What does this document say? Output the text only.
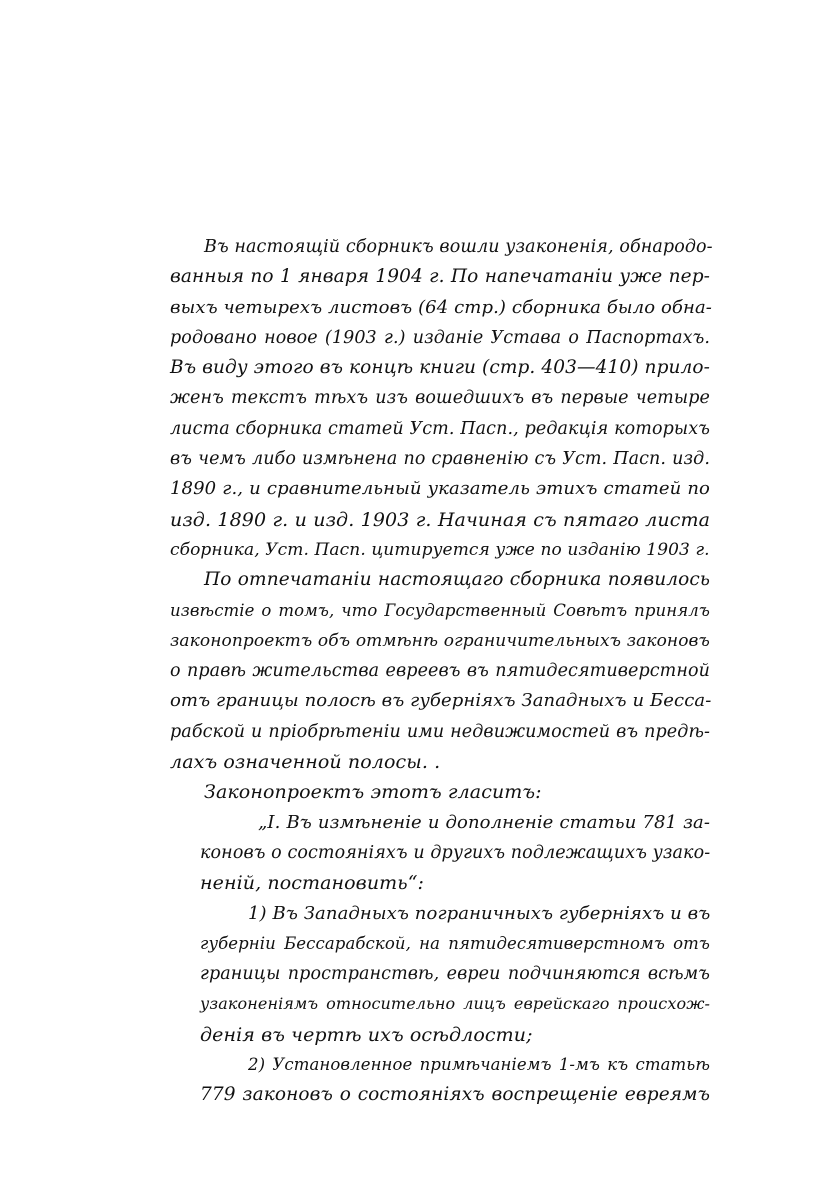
Въ настоящій сборникъ вошли узаконенія, обнародо-
ванныя по 1 января 1904 г. По напечатаніи уже пер-
выхъ четырехъ листовъ (64 стр.) сборника было обна-
родовано новое (1903 г.) изданіе Устава о Паспортахъ.
Въ виду этого въ концѣ книги (стр. 403—410) прило-
женъ текстъ тѣхъ изъ вошедшихъ въ первые четыре
листа сборника статей Уст. Пасп., редакція которыхъ
въ чемъ либо измѣнена по сравненію съ Уст. Пасп. изд.
1890 г., и сравнительный указатель этихъ статей по
изд. 1890 г. и изд. 1903 г. Начиная съ пятаго листа
сборника, Уст. Пасп. цитируется уже по изданію 1903 г.
По отпечатаніи настоящаго сборника появилось
извѣстіе о томъ, что Государственный Совѣтъ принялъ
законопроектъ объ отмѣнѣ ограничительныхъ законовъ
о правѣ жительства евреевъ въ пятидесятиверстной
отъ границы полосѣ въ губерніяхъ Западныхъ и Бесса-
рабской и пріобрѣтеніи ими недвижимостей въ предѣ-
лахъ означенной полосы. .
Законопроектъ этотъ гласитъ:
„I. Въ измѣненіе и дополненіе статьи 781 за-
коновъ о состояніяхъ и другихъ подлежащихъ узако-
неній, постановить“:
1) Въ Западныхъ пограничныхъ губерніяхъ и въ
губерніи Бессарабской, на пятидесятиверстномъ отъ
границы пространствѣ, евреи подчиняются всѣмъ
узаконеніямъ относительно лицъ еврейскаго происхож-
денія въ чертѣ ихъ осѣдлости;
2) Установленное примѣчаніемъ 1-мъ къ статьѣ
779 законовъ о состояніяхъ воспрещеніе евреямъ
